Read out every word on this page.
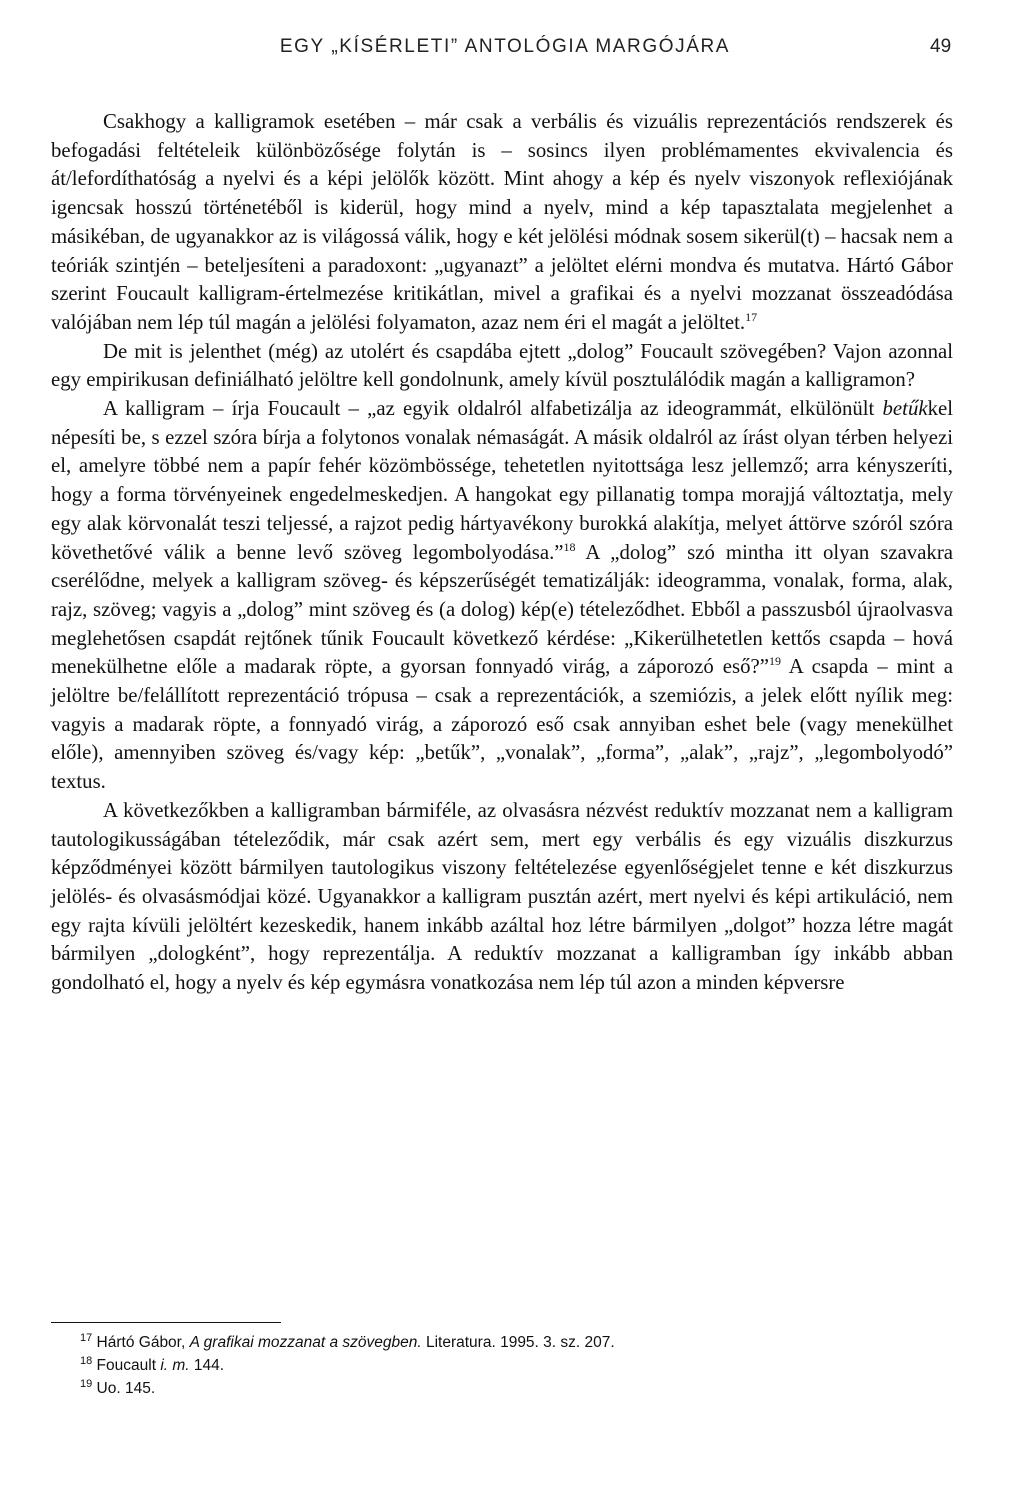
EGY „KÍSÉRLETI” ANTOLÓGIA MARGÓJÁRA	49

Csakhogy a kalligramok esetében – már csak a verbális és vizuális reprezentációs rendszerek és befogadási feltételeik különbözősége folytán is – sosincs ilyen problémamentes ekvivalencia és át/lefordíthatóság a nyelvi és a képi jelölők között. Mint ahogy a kép és nyelv viszonyok reflexiójának igencsak hosszú történetéből is kiderül, hogy mind a nyelv, mind a kép tapasztalata megjelenhet a másikéban, de ugyanakkor az is világossá válik, hogy e két jelölési módnak sosem sikerül(t) – hacsak nem a teóriák szintjén – beteljesíteni a paradoxont: „ugyanazt” a jelöltet elérni mondva és mutatva. Hártó Gábor szerint Foucault kalligram-értelmezése kritikátlan, mivel a grafikai és a nyelvi mozzanat összeadódása valójában nem lép túl magán a jelölési folyamaton, azaz nem éri el magát a jelöltet.$^{17}$

De mit is jelenthet (még) az utolért és csapdába ejtett „dolog” Foucault szövegében? Vajon azonnal egy empirikusan definiálható jelöltre kell gondolnunk, amely kívül posztulálódik magán a kalligramon?

A kalligram – írja Foucault – „az egyik oldalról alfabetizálja az ideogrammát, elkülönült betűkkel népesíti be, s ezzel szóra bírja a folytonos vonalak némaságát. A másik oldalról az írást olyan térben helyezi el, amelyre többé nem a papír fehér közömbössége, tehetetlen nyitottsága lesz jellemző; arra kényszeríti, hogy a forma törvényeinek engedelmeskedjen. A hangokat egy pillanatig tompa morajjá változtatja, mely egy alak körvonalát teszi teljessé, a rajzot pedig hártyavékony burokká alakítja, melyet áttörve szóról szóra követhetővé válik a benne levő szöveg legombolyodása.”$^{18}$ A „dolog” szó mintha itt olyan szavakra cserélődne, melyek a kalligram szöveg- és képszerűségét tematizálják: ideogramma, vonalak, forma, alak, rajz, szöveg; vagyis a „dolog” mint szöveg és (a dolog) kép(e) tételeződhet. Ebből a passzusból újraolvasva meglehetősen csapdát rejtőnek tűnik Foucault következő kérdése: „Kikerülhetetlen kettős csapda – hová menekülhetne előle a madarak röpte, a gyorsan fonnyadó virág, a záporozó eső?”$^{19}$ A csapda – mint a jelöltre be/felállított reprezentáció trópusa – csak a reprezentációk, a szemiózis, a jelek előtt nyílik meg: vagyis a madarak röpte, a fonnyadó virág, a záporozó eső csak annyiban eshet bele (vagy menekülhet előle), amennyiben szöveg és/vagy kép: „betűk”, „vonalak”, „forma”, „alak”, „rajz”, „legombolyodó” textus.

A következőkben a kalligramban bármiféle, az olvasásra nézvést reduktív mozzanat nem a kalligram tautologikusságában tételeződik, már csak azért sem, mert egy verbális és egy vizuális diszkurzus képződményei között bármilyen tautologikus viszony feltételezése egyenlőségjelet tenne e két diszkurzus jelölés- és olvasásmódjai közé. Ugyanakkor a kalligram pusztán azért, mert nyelvi és képi artikuláció, nem egy rajta kívüli jelöltért kezeskedik, hanem inkább azáltal hoz létre bármilyen „dolgot” hozza létre magát bármilyen „dologként”, hogy reprezentálja. A reduktív mozzanat a kalligramban így inkább abban gondolható el, hogy a nyelv és kép egymásra vonatkozása nem lép túl azon a minden képversre

$^{17}$ Hártó Gábor, A grafikai mozzanat a szövegben. Literatura. 1995. 3. sz. 207.
$^{18}$ Foucault i. m. 144.
$^{19}$ Uo. 145.
